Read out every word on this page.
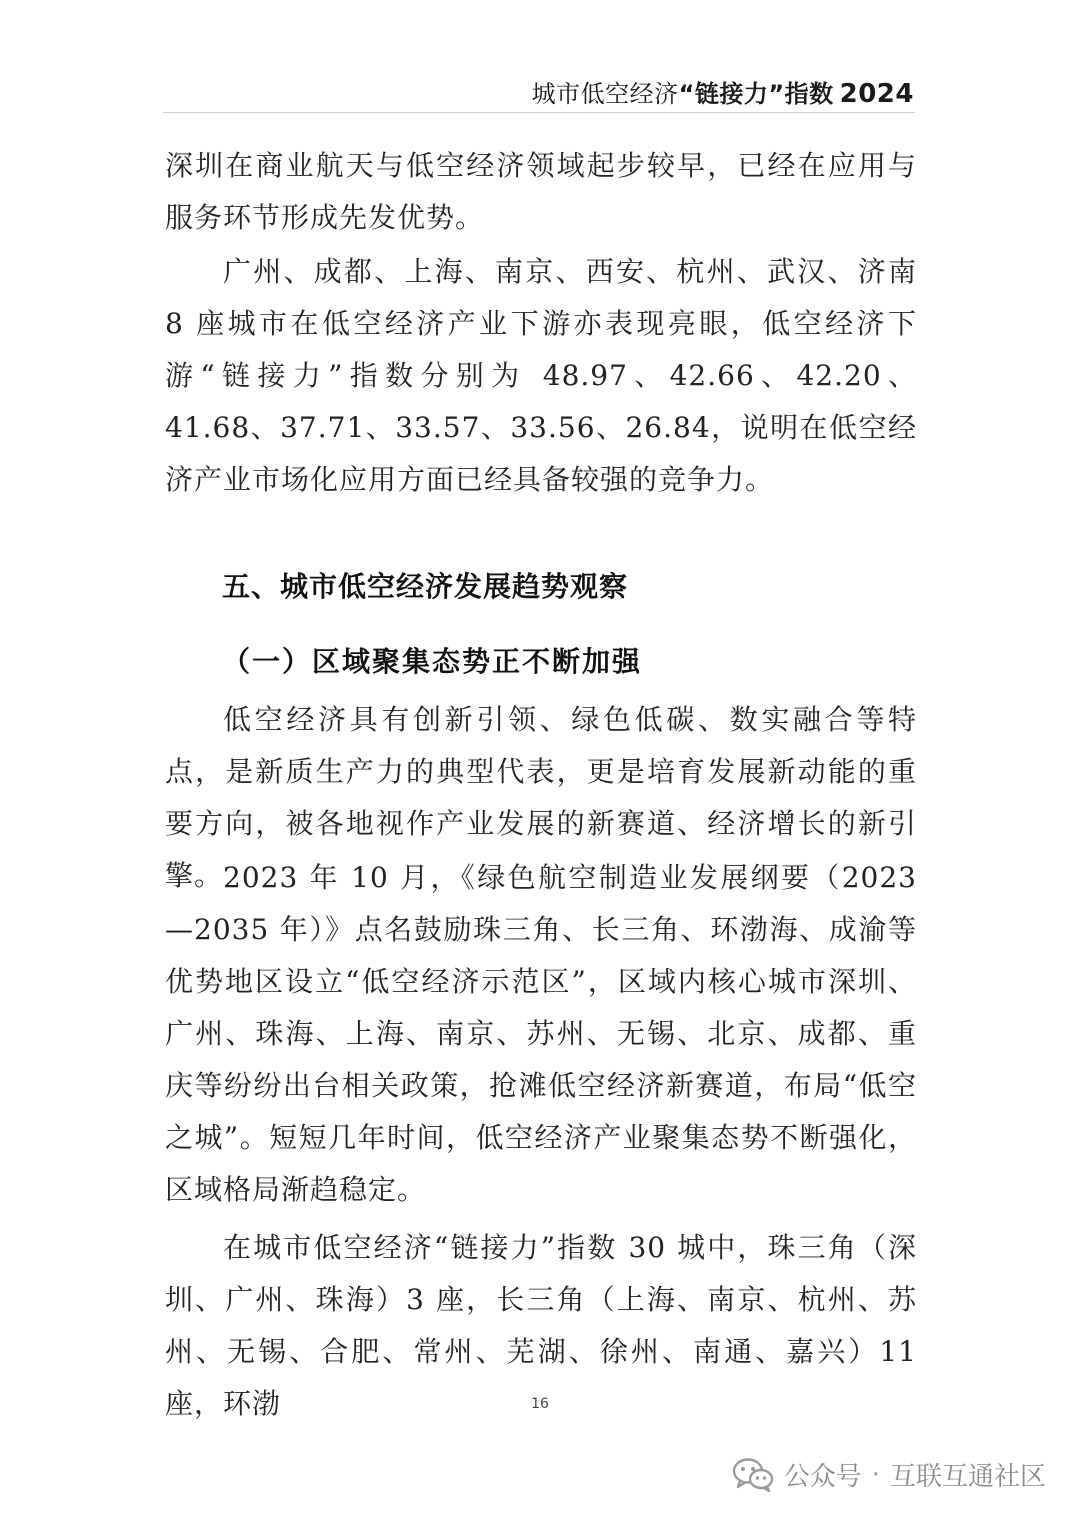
城市低空经济“链接力”指数 2024

深圳在商业航天与低空经济领域起步较早，已经在应用与服务环节形成先发优势。

广州、成都、上海、南京、西安、杭州、武汉、济南 8 座城市在低空经济产业下游亦表现亮眼，低空经济下游“链接力”指数分别为 48.97、42.66、42.20、41.68、37.71、33.57、33.56、26.84，说明在低空经济产业市场化应用方面已经具备较强的竞争力。

五、城市低空经济发展趋势观察
（一）区域聚集态势正不断加强

低空经济具有创新引领、绿色低碳、数实融合等特点，是新质生产力的典型代表，更是培育发展新动能的重要方向，被各地视作产业发展的新赛道、经济增长的新引擎。 2023 年 10 月，《绿色航空制造业发展纲要（2023—2035 年）》点名鼓励珠三角、长三角、环渤海、成渝等优势地区设立“低空经济示范区”，区域内核心城市深圳、广州、珠海、上海、南京、苏州、无锡、北京、成都、重庆等纷纷出台相关政策，抢滩低空经济新赛道，布局“低空之城”。短短几年时间，低空经济产业聚集态势不断强化，区域格局渐趋稳定。

在城市低空经济“链接力”指数 30 城中，珠三角（深圳、广州、珠海）3 座，长三角（上海、南京、杭州、苏州、无锡、合肥、常州、芜湖、徐州、南通、嘉兴）11 座，环渤	16
公众号 · 互联互通社区
